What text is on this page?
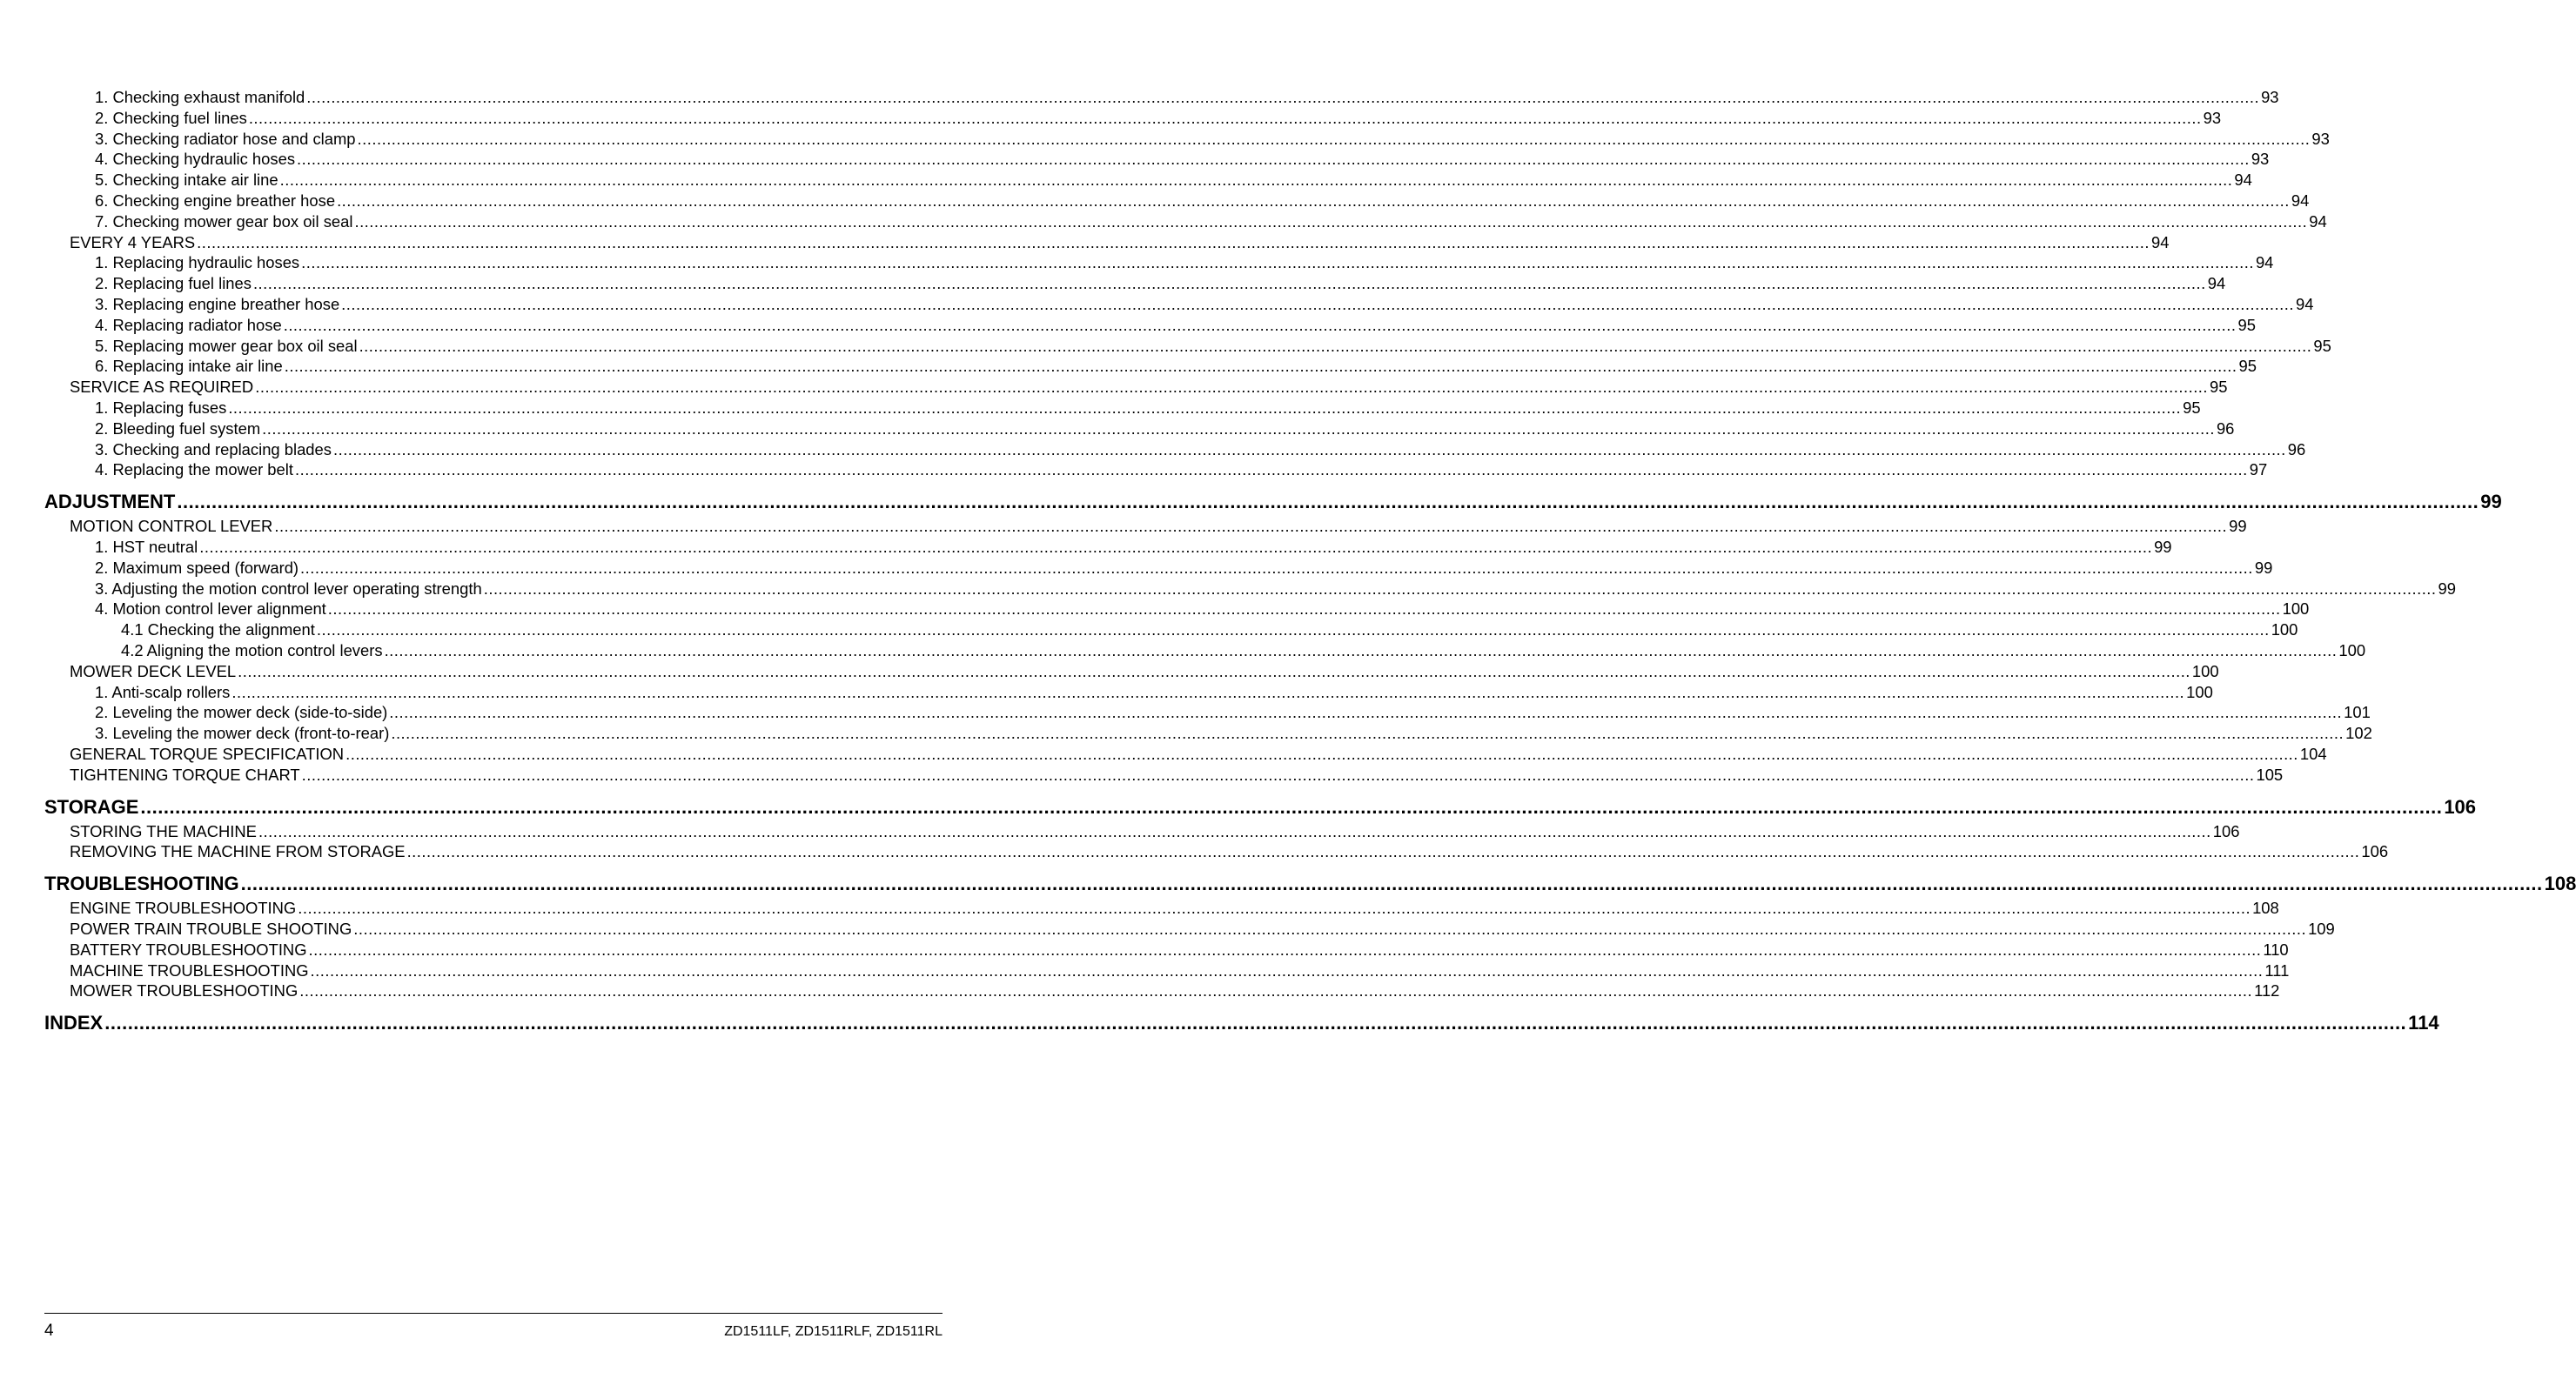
1. Checking exhaust manifold ................................................................................................................................................................................................................................................................................................................................................................................................................ 93
2. Checking fuel lines ................................................................................................................................................................................................................................................................................................................................................................................................................ 93
3. Checking radiator hose and clamp ................................................................................................................................................................................................................................................................................................................................................................................................................ 93
4. Checking hydraulic hoses ................................................................................................................................................................................................................................................................................................................................................................................................................ 93
5. Checking intake air line ................................................................................................................................................................................................................................................................................................................................................................................................................ 94
6. Checking engine breather hose ................................................................................................................................................................................................................................................................................................................................................................................................................ 94
7. Checking mower gear box oil seal ................................................................................................................................................................................................................................................................................................................................................................................................................ 94
EVERY 4 YEARS ................................................................................................................................................................................................................................................................................................................................................................................................................ 94
1. Replacing hydraulic hoses ................................................................................................................................................................................................................................................................................................................................................................................................................ 94
2. Replacing fuel lines ................................................................................................................................................................................................................................................................................................................................................................................................................ 94
3. Replacing engine breather hose ................................................................................................................................................................................................................................................................................................................................................................................................................ 94
4. Replacing radiator hose ................................................................................................................................................................................................................................................................................................................................................................................................................ 95
5. Replacing mower gear box oil seal ................................................................................................................................................................................................................................................................................................................................................................................................................ 95
6. Replacing intake air line ................................................................................................................................................................................................................................................................................................................................................................................................................ 95
SERVICE AS REQUIRED ................................................................................................................................................................................................................................................................................................................................................................................................................ 95
1. Replacing fuses ................................................................................................................................................................................................................................................................................................................................................................................................................ 95
2. Bleeding fuel system ................................................................................................................................................................................................................................................................................................................................................................................................................ 96
3. Checking and replacing blades ................................................................................................................................................................................................................................................................................................................................................................................................................ 96
4. Replacing the mower belt ................................................................................................................................................................................................................................................................................................................................................................................................................ 97
ADJUSTMENT ................................................................................................................................................................................................................................................................................................................................................................................................................ 99
MOTION CONTROL LEVER ................................................................................................................................................................................................................................................................................................................................................................................................................ 99
1. HST neutral ................................................................................................................................................................................................................................................................................................................................................................................................................ 99
2. Maximum speed (forward) ................................................................................................................................................................................................................................................................................................................................................................................................................ 99
3. Adjusting the motion control lever operating strength ................................................................................................................................................................................................................................................................................................................................................................................................................ 99
4. Motion control lever alignment ................................................................................................................................................................................................................................................................................................................................................................................................................ 100
4.1 Checking the alignment ................................................................................................................................................................................................................................................................................................................................................................................................................ 100
4.2 Aligning the motion control levers ................................................................................................................................................................................................................................................................................................................................................................................................................ 100
MOWER DECK LEVEL ................................................................................................................................................................................................................................................................................................................................................................................................................ 100
1. Anti-scalp rollers ................................................................................................................................................................................................................................................................................................................................................................................................................ 100
2. Leveling the mower deck (side-to-side) ................................................................................................................................................................................................................................................................................................................................................................................................................ 101
3. Leveling the mower deck (front-to-rear) ................................................................................................................................................................................................................................................................................................................................................................................................................ 102
GENERAL TORQUE SPECIFICATION ................................................................................................................................................................................................................................................................................................................................................................................................................ 104
TIGHTENING TORQUE CHART ................................................................................................................................................................................................................................................................................................................................................................................................................ 105
STORAGE ................................................................................................................................................................................................................................................................................................................................................................................................................ 106
STORING THE MACHINE ................................................................................................................................................................................................................................................................................................................................................................................................................ 106
REMOVING THE MACHINE FROM STORAGE ................................................................................................................................................................................................................................................................................................................................................................................................................ 106
TROUBLESHOOTING ................................................................................................................................................................................................................................................................................................................................................................................................................ 108
ENGINE TROUBLESHOOTING ................................................................................................................................................................................................................................................................................................................................................................................................................ 108
POWER TRAIN TROUBLE SHOOTING ................................................................................................................................................................................................................................................................................................................................................................................................................ 109
BATTERY TROUBLESHOOTING ................................................................................................................................................................................................................................................................................................................................................................................................................ 110
MACHINE TROUBLESHOOTING ................................................................................................................................................................................................................................................................................................................................................................................................................ 111
MOWER TROUBLESHOOTING ................................................................................................................................................................................................................................................................................................................................................................................................................ 112
INDEX ................................................................................................................................................................................................................................................................................................................................................................................................................ 114
4	ZD1511LF, ZD1511RLF, ZD1511RL
